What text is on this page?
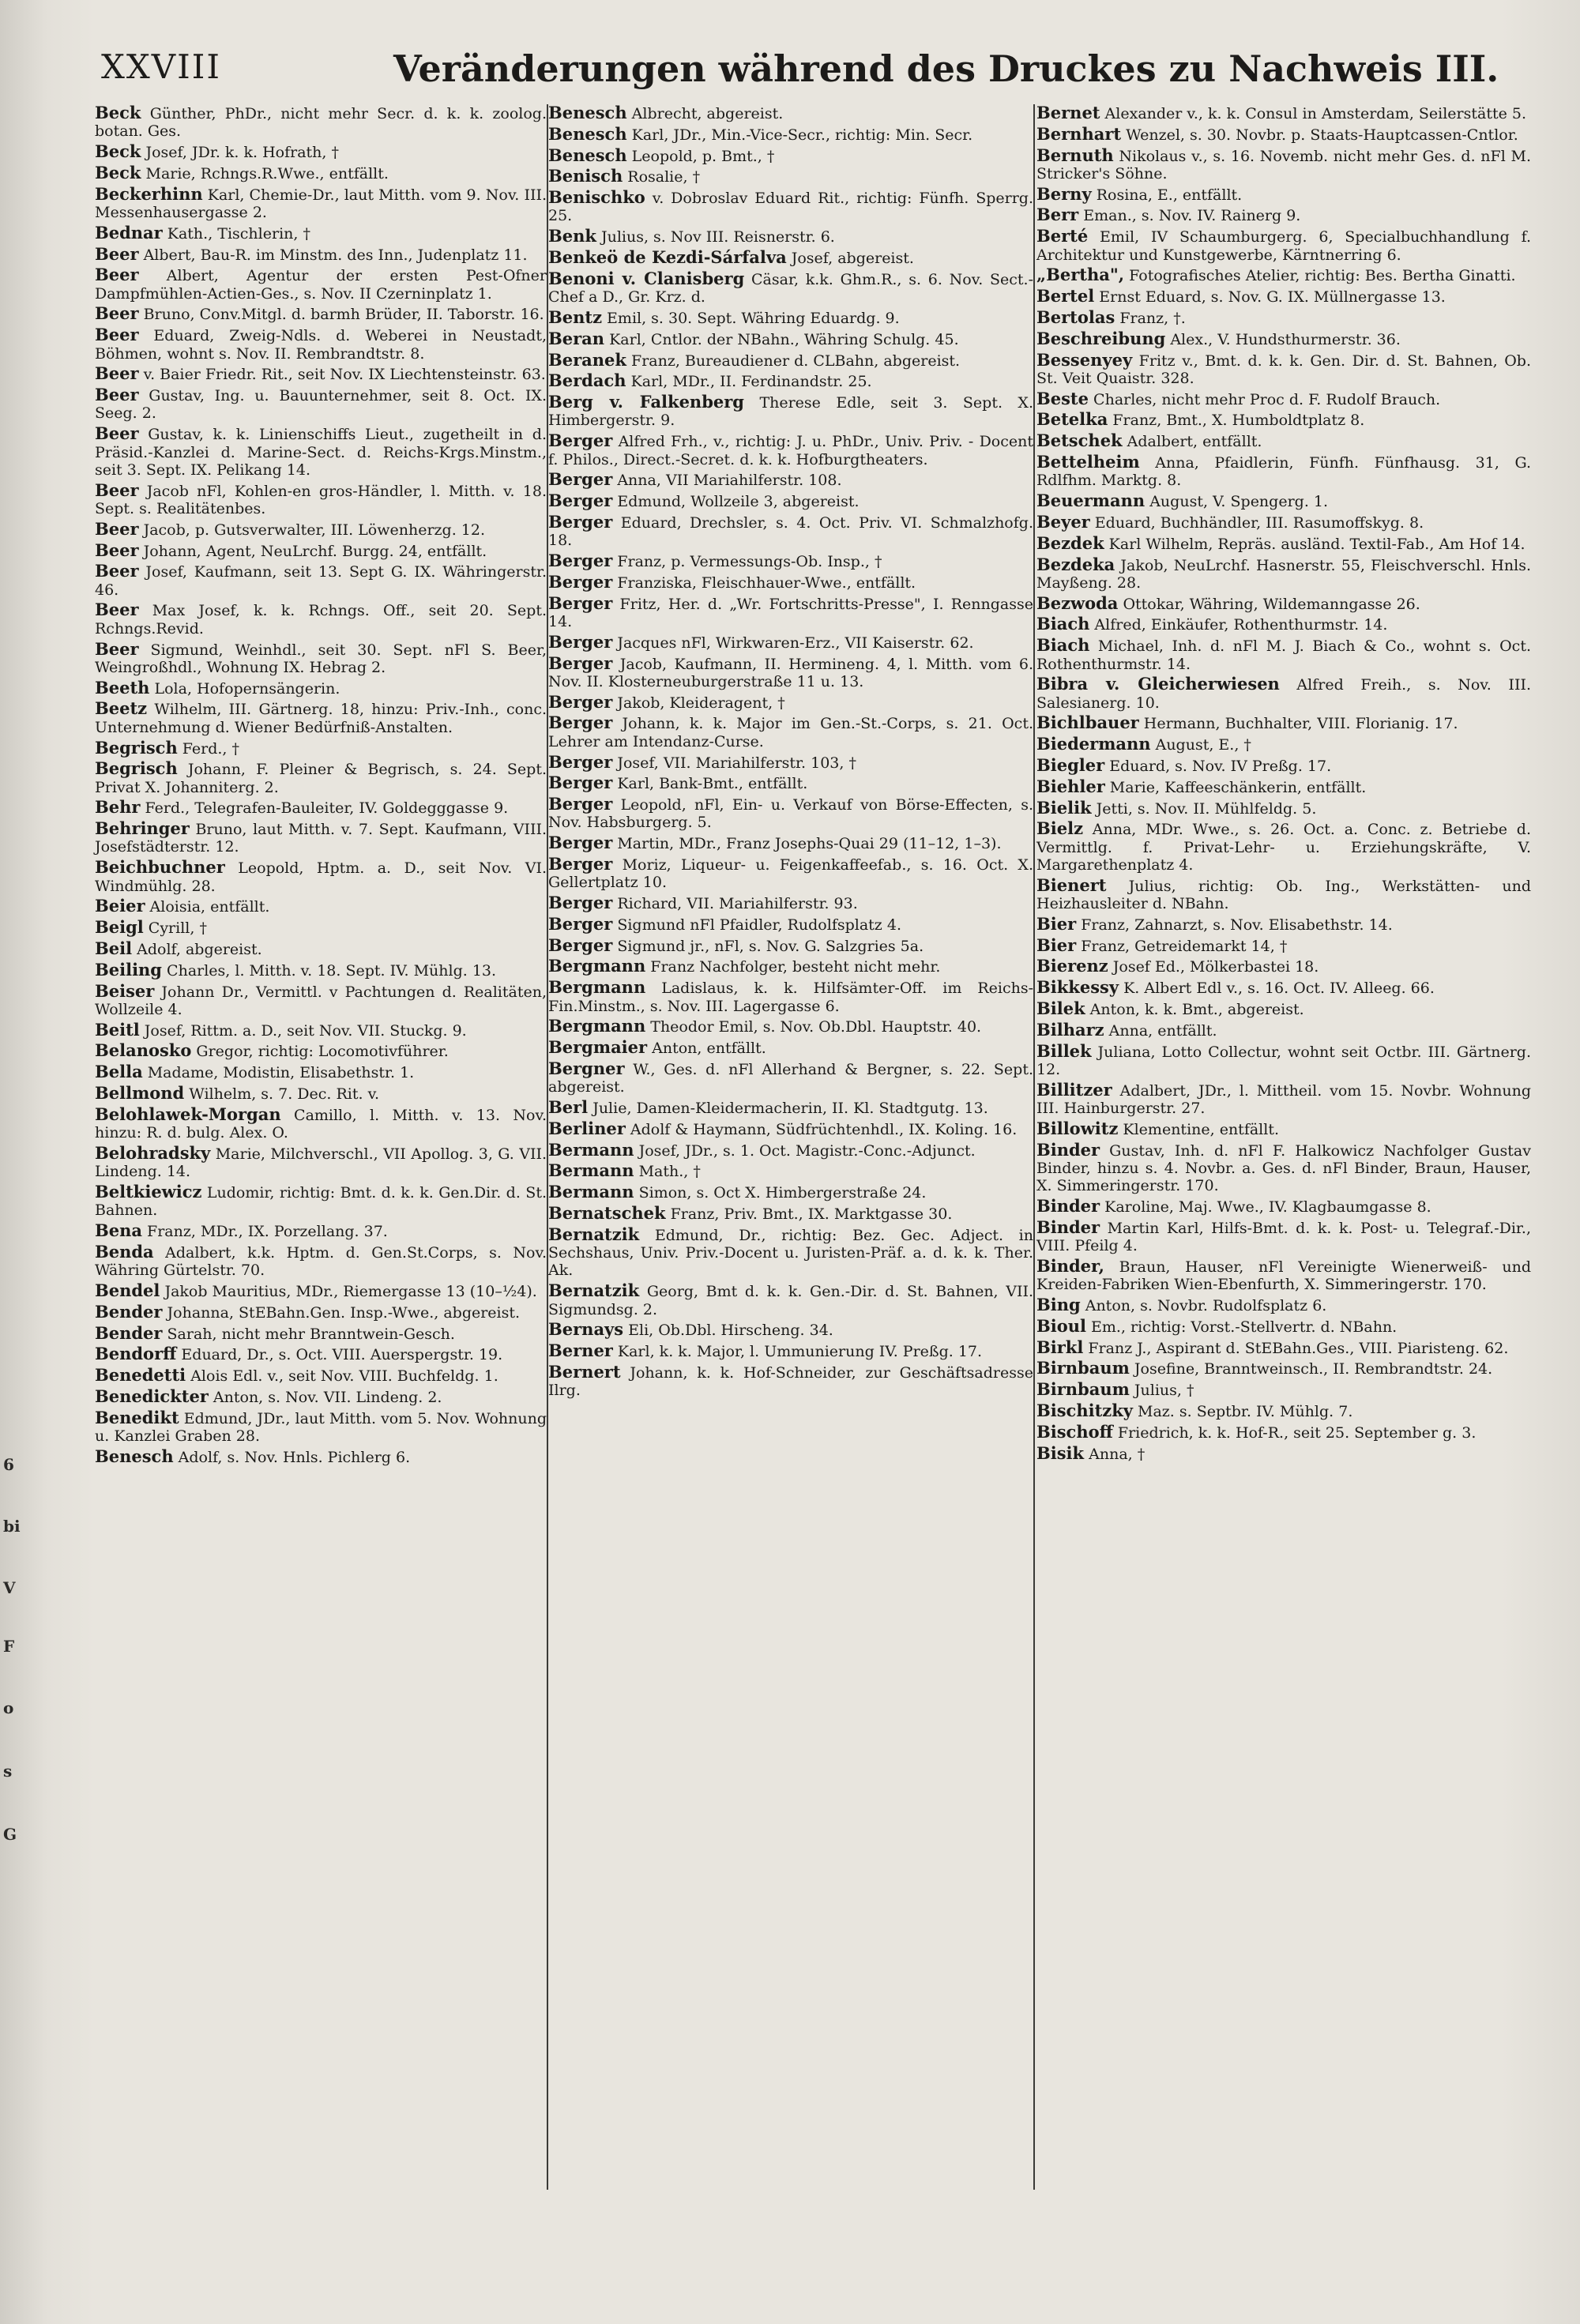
XXVIII	Veränderungen während des Druckes zu Nachweis III.
6
bi
V
F
o
s
G
Beck Günther, PhDr., nicht mehr Secr. d. k. k. zoolog. botan. Ges.
Beck Josef, JDr. k. k. Hofrath, †
Beck Marie, Rchngs.R.Wwe., entfällt.
Beckerhinn Karl, Chemie-Dr., laut Mitth. vom 9. Nov. III. Messenhausergasse 2.
Bednar Kath., Tischlerin, †
Beer Albert, Bau-R. im Minstm. des Inn., Judenplatz 11.
Beer Albert, Agentur der ersten Pest-Ofner Dampfmühlen-Actien-Ges., s. Nov. II Czerninplatz 1.
Beer Bruno, Conv.Mitgl. d. barmh Brüder, II. Taborstr. 16.
Beer Eduard, Zweig-Ndls. d. Weberei in Neustadt, Böhmen, wohnt s. Nov. II. Rembrandtstr. 8.
Beer v. Baier Friedr. Rit., seit Nov. IX Liechtensteinstr. 63.
Beer Gustav, Ing. u. Bauunternehmer, seit 8. Oct. IX. Seeg. 2.
Beer Gustav, k. k. Linienschiffs Lieut., zugetheilt in d. Präsid.-Kanzlei d. Marine-Sect. d. Reichs-Krgs.Minstm., seit 3. Sept. IX. Pelikang 14.
Beer Jacob nFl, Kohlen-en gros-Händler, l. Mitth. v. 18. Sept. s. Realitätenbes.
Beer Jacob, p. Gutsverwalter, III. Löwenherzg. 12.
Beer Johann, Agent, NeuLrchf. Burgg. 24, entfällt.
Beer Josef, Kaufmann, seit 13. Sept G. IX. Währingerstr. 46.
Beer Max Josef, k. k. Rchngs. Off., seit 20. Sept. Rchngs.Revid.
Beer Sigmund, Weinhdl., seit 30. Sept. nFl S. Beer, Weingroßhdl., Wohnung IX. Hebrag 2.
Beeth Lola, Hofopernsängerin.
Beetz Wilhelm, III. Gärtnerg. 18, hinzu: Priv.-Inh., conc. Unternehmung d. Wiener Bedürfniß-Anstalten.
Begrisch Ferd., †
Begrisch Johann, F. Pleiner & Begrisch, s. 24. Sept. Privat X. Johanniterg. 2.
Behr Ferd., Telegrafen-Bauleiter, IV. Goldegggasse 9.
Behringer Bruno, laut Mitth. v. 7. Sept. Kaufmann, VIII. Josefstädterstr. 12.
Beichbuchner Leopold, Hptm. a. D., seit Nov. VI. Windmühlg. 28.
Beier Aloisia, entfällt.
Beigl Cyrill, †
Beil Adolf, abgereist.
Beiling Charles, l. Mitth. v. 18. Sept. IV. Mühlg. 13.
Beiser Johann Dr., Vermittl. v Pachtungen d. Realitäten, Wollzeile 4.
Beitl Josef, Rittm. a. D., seit Nov. VII. Stuckg. 9.
Belanosko Gregor, richtig: Locomotivführer.
Bella Madame, Modistin, Elisabethstr. 1.
Bellmond Wilhelm, s. 7. Dec. Rit. v.
Belohlawek-Morgan Camillo, l. Mitth. v. 13. Nov. hinzu: R. d. bulg. Alex. O.
Belohradsky Marie, Milchverschl., VII Apollog. 3, G. VII. Lindeng. 14.
Beltkiewicz Ludomir, richtig: Bmt. d. k. k. Gen.Dir. d. St. Bahnen.
Bena Franz, MDr., IX. Porzellang. 37.
Benda Adalbert, k.k. Hptm. d. Gen.St.Corps, s. Nov. Währing Gürtelstr. 70.
Bendel Jakob Mauritius, MDr., Riemergasse 13 (10–½4).
Bender Johanna, StEBahn.Gen. Insp.-Wwe., abgereist.
Bender Sarah, nicht mehr Branntwein-Gesch.
Bendorff Eduard, Dr., s. Oct. VIII. Auerspergstr. 19.
Benedetti Alois Edl. v., seit Nov. VIII. Buchfeldg. 1.
Benedickter Anton, s. Nov. VII. Lindeng. 2.
Benedikt Edmund, JDr., laut Mitth. vom 5. Nov. Wohnung u. Kanzlei Graben 28.
Benesch Adolf, s. Nov. Hnls. Pichlerg 6.
Benesch Albrecht, abgereist.
Benesch Karl, JDr., Min.-Vice-Secr., richtig: Min. Secr.
Benesch Leopold, p. Bmt., †
Benisch Rosalie, †
Benischko v. Dobroslav Eduard Rit., richtig: Fünfh. Sperrg. 25.
Benk Julius, s. Nov III. Reisnerstr. 6.
Benkeö de Kezdi-Sárfalva Josef, abgereist.
Benoni v. Clanisberg Cäsar, k.k. Ghm.R., s. 6. Nov. Sect.-Chef a D., Gr. Krz. d.
Bentz Emil, s. 30. Sept. Währing Eduardg. 9.
Beran Karl, Cntlor. der NBahn., Währing Schulg. 45.
Beranek Franz, Bureaudiener d. CLBahn, abgereist.
Berdach Karl, MDr., II. Ferdinandstr. 25.
Berg v. Falkenberg Therese Edle, seit 3. Sept. X. Himbergerstr. 9.
Berger Alfred Frh., v., richtig: J. u. PhDr., Univ. Priv. - Docent f. Philos., Direct.-Secret. d. k. k. Hofburgtheaters.
Berger Anna, VII Mariahilferstr. 108.
Berger Edmund, Wollzeile 3, abgereist.
Berger Eduard, Drechsler, s. 4. Oct. Priv. VI. Schmalzhofg. 18.
Berger Franz, p. Vermessungs-Ob. Insp., †
Berger Franziska, Fleischhauer-Wwe., entfällt.
Berger Fritz, Her. d. „Wr. Fortschritts-Presse", I. Renngasse 14.
Berger Jacques nFl, Wirkwaren-Erz., VII Kaiserstr. 62.
Berger Jacob, Kaufmann, II. Hermineng. 4, l. Mitth. vom 6. Nov. II. Klosterneuburgerstraße 11 u. 13.
Berger Jakob, Kleideragent, †
Berger Johann, k. k. Major im Gen.-St.-Corps, s. 21. Oct. Lehrer am Intendanz-Curse.
Berger Josef, VII. Mariahilferstr. 103, †
Berger Karl, Bank-Bmt., entfällt.
Berger Leopold, nFl, Ein- u. Verkauf von Börse-Effecten, s. Nov. Habsburgerg. 5.
Berger Martin, MDr., Franz Josephs-Quai 29 (11–12, 1–3).
Berger Moriz, Liqueur- u. Feigenkaffeefab., s. 16. Oct. X. Gellertplatz 10.
Berger Richard, VII. Mariahilferstr. 93.
Berger Sigmund nFl Pfaidler, Rudolfsplatz 4.
Berger Sigmund jr., nFl, s. Nov. G. Salzgries 5a.
Bergmann Franz Nachfolger, besteht nicht mehr.
Bergmann Ladislaus, k. k. Hilfsämter-Off. im Reichs-Fin.Minstm., s. Nov. III. Lagergasse 6.
Bergmann Theodor Emil, s. Nov. Ob.Dbl. Hauptstr. 40.
Bergmaier Anton, entfällt.
Bergner W., Ges. d. nFl Allerhand & Bergner, s. 22. Sept. abgereist.
Berl Julie, Damen-Kleidermacherin, II. Kl. Stadtgutg. 13.
Berliner Adolf & Haymann, Südfrüchtenhdl., IX. Koling. 16.
Bermann Josef, JDr., s. 1. Oct. Magistr.-Conc.-Adjunct.
Bermann Math., †
Bermann Simon, s. Oct X. Himbergerstraße 24.
Bernatschek Franz, Priv. Bmt., IX. Marktgasse 30.
Bernatzik Edmund, Dr., richtig: Bez. Gec. Adject. in Sechshaus, Univ. Priv.-Docent u. Juristen-Präf. a. d. k. k. Ther. Ak.
Bernatzik Georg, Bmt d. k. k. Gen.-Dir. d. St. Bahnen, VII. Sigmundsg. 2.
Bernays Eli, Ob.Dbl. Hirscheng. 34.
Berner Karl, k. k. Major, l. Ummunierung IV. Preßg. 17.
Bernert Johann, k. k. Hof-Schneider, zur Geschäftsadresse Ilrg.
Bernet Alexander v., k. k. Consul in Amsterdam, Seilerstätte 5.
Bernhart Wenzel, s. 30. Novbr. p. Staats-Hauptcassen-Cntlor.
Bernuth Nikolaus v., s. 16. Novemb. nicht mehr Ges. d. nFl M. Stricker's Söhne.
Berny Rosina, E., entfällt.
Berr Eman., s. Nov. IV. Rainerg 9.
Berté Emil, IV Schaumburgerg. 6, Specialbuchhandlung f. Architektur und Kunstgewerbe, Kärntnerring 6.
„Bertha", Fotografisches Atelier, richtig: Bes. Bertha Ginatti.
Bertel Ernst Eduard, s. Nov. G. IX. Müllnergasse 13.
Bertolas Franz, †.
Beschreibung Alex., V. Hundsthurmerstr. 36.
Bessenyey Fritz v., Bmt. d. k. k. Gen. Dir. d. St. Bahnen, Ob. St. Veit Quaistr. 328.
Beste Charles, nicht mehr Proc d. F. Rudolf Brauch.
Betelka Franz, Bmt., X. Humboldtplatz 8.
Betschek Adalbert, entfällt.
Bettelheim Anna, Pfaidlerin, Fünfh. Fünfhausg. 31, G. Rdlfhm. Marktg. 8.
Beuermann August, V. Spengerg. 1.
Beyer Eduard, Buchhändler, III. Rasumoffskyg. 8.
Bezdek Karl Wilhelm, Repräs. ausländ. Textil-Fab., Am Hof 14.
Bezdeka Jakob, NeuLrchf. Hasnerstr. 55, Fleischverschl. Hnls. Mayßeng. 28.
Bezwoda Ottokar, Währing, Wildemanngasse 26.
Biach Alfred, Einkäufer, Rothenthurmstr. 14.
Biach Michael, Inh. d. nFl M. J. Biach & Co., wohnt s. Oct. Rothenthurmstr. 14.
Bibra v. Gleicherwiesen Alfred Freih., s. Nov. III. Salesianerg. 10.
Bichlbauer Hermann, Buchhalter, VIII. Florianig. 17.
Biedermann August, E., †
Biegler Eduard, s. Nov. IV Preßg. 17.
Biehler Marie, Kaffeeschänkerin, entfällt.
Bielik Jetti, s. Nov. II. Mühlfeldg. 5.
Bielz Anna, MDr. Wwe., s. 26. Oct. a. Conc. z. Betriebe d. Vermittlg. f. Privat-Lehr- u. Erziehungskräfte, V. Margarethenplatz 4.
Bienert Julius, richtig: Ob. Ing., Werkstätten- und Heizhausleiter d. NBahn.
Bier Franz, Zahnarzt, s. Nov. Elisabethstr. 14.
Bier Franz, Getreidemarkt 14, †
Bierenz Josef Ed., Mölkerbastei 18.
Bikkessy K. Albert Edl v., s. 16. Oct. IV. Alleeg. 66.
Bilek Anton, k. k. Bmt., abgereist.
Bilharz Anna, entfällt.
Billek Juliana, Lotto Collectur, wohnt seit Octbr. III. Gärtnerg. 12.
Billitzer Adalbert, JDr., l. Mittheil. vom 15. Novbr. Wohnung III. Hainburgerstr. 27.
Billowitz Klementine, entfällt.
Binder Gustav, Inh. d. nFl F. Halkowicz Nachfolger Gustav Binder, hinzu s. 4. Novbr. a. Ges. d. nFl Binder, Braun, Hauser, X. Simmeringerstr. 170.
Binder Karoline, Maj. Wwe., IV. Klagbaumgasse 8.
Binder Martin Karl, Hilfs-Bmt. d. k. k. Post- u. Telegraf.-Dir., VIII. Pfeilg 4.
Binder, Braun, Hauser, nFl Vereinigte Wienerweiß- und Kreiden-Fabriken Wien-Ebenfurth, X. Simmeringerstr. 170.
Bing Anton, s. Novbr. Rudolfsplatz 6.
Bioul Em., richtig: Vorst.-Stellvertr. d. NBahn.
Birkl Franz J., Aspirant d. StEBahn.Ges., VIII. Piaristeng. 62.
Birnbaum Josefine, Branntweinsch., II. Rembrandtstr. 24.
Birnbaum Julius, †
Bischitzky Maz. s. Septbr. IV. Mühlg. 7.
Bischoff Friedrich, k. k. Hof-R., seit 25. September g. 3.
Bisik Anna, †
